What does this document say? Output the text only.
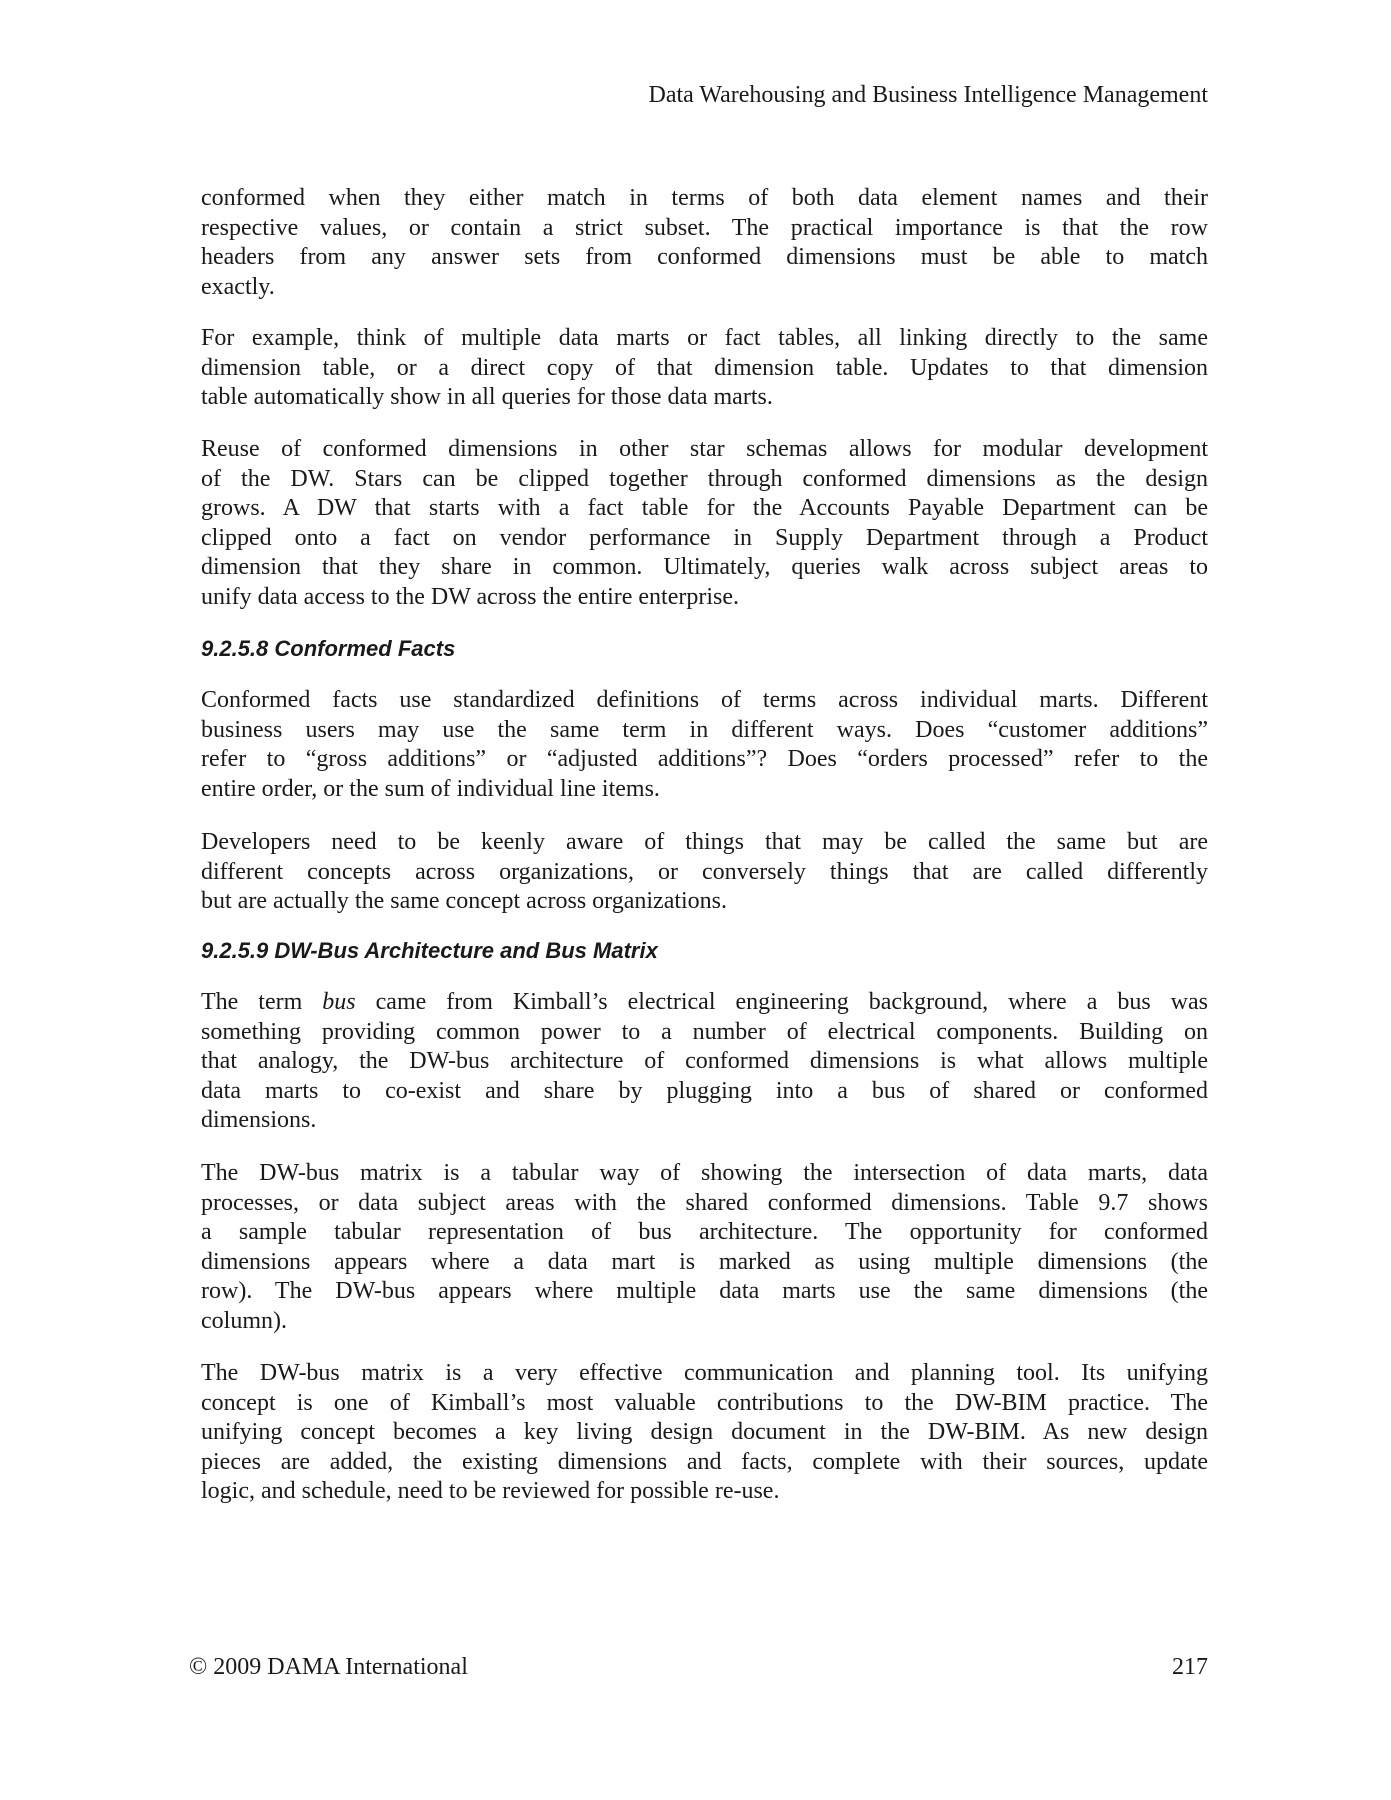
Data Warehousing and Business Intelligence Management
conformed when they either match in terms of both data element names and their
respective values, or contain a strict subset. The practical importance is that the row
headers from any answer sets from conformed dimensions must be able to match
exactly.
For example, think of multiple data marts or fact tables, all linking directly to the same
dimension table, or a direct copy of that dimension table. Updates to that dimension
table automatically show in all queries for those data marts.
Reuse of conformed dimensions in other star schemas allows for modular development
of the DW. Stars can be clipped together through conformed dimensions as the design
grows. A DW that starts with a fact table for the Accounts Payable Department can be
clipped onto a fact on vendor performance in Supply Department through a Product
dimension that they share in common. Ultimately, queries walk across subject areas to
unify data access to the DW across the entire enterprise.
9.2.5.8 Conformed Facts
Conformed facts use standardized definitions of terms across individual marts. Different
business users may use the same term in different ways. Does “customer additions”
refer to “gross additions” or “adjusted additions”? Does “orders processed” refer to the
entire order, or the sum of individual line items.
Developers need to be keenly aware of things that may be called the same but are
different concepts across organizations, or conversely things that are called differently
but are actually the same concept across organizations.
9.2.5.9 DW-Bus Architecture and Bus Matrix
The term bus came from Kimball’s electrical engineering background, where a bus was
something providing common power to a number of electrical components. Building on
that analogy, the DW-bus architecture of conformed dimensions is what allows multiple
data marts to co-exist and share by plugging into a bus of shared or conformed
dimensions.
The DW-bus matrix is a tabular way of showing the intersection of data marts, data
processes, or data subject areas with the shared conformed dimensions. Table 9.7 shows
a sample tabular representation of bus architecture. The opportunity for conformed
dimensions appears where a data mart is marked as using multiple dimensions (the
row). The DW-bus appears where multiple data marts use the same dimensions (the
column).
The DW-bus matrix is a very effective communication and planning tool. Its unifying
concept is one of Kimball’s most valuable contributions to the DW-BIM practice. The
unifying concept becomes a key living design document in the DW-BIM. As new design
pieces are added, the existing dimensions and facts, complete with their sources, update
logic, and schedule, need to be reviewed for possible re-use.
© 2009 DAMA International	217
